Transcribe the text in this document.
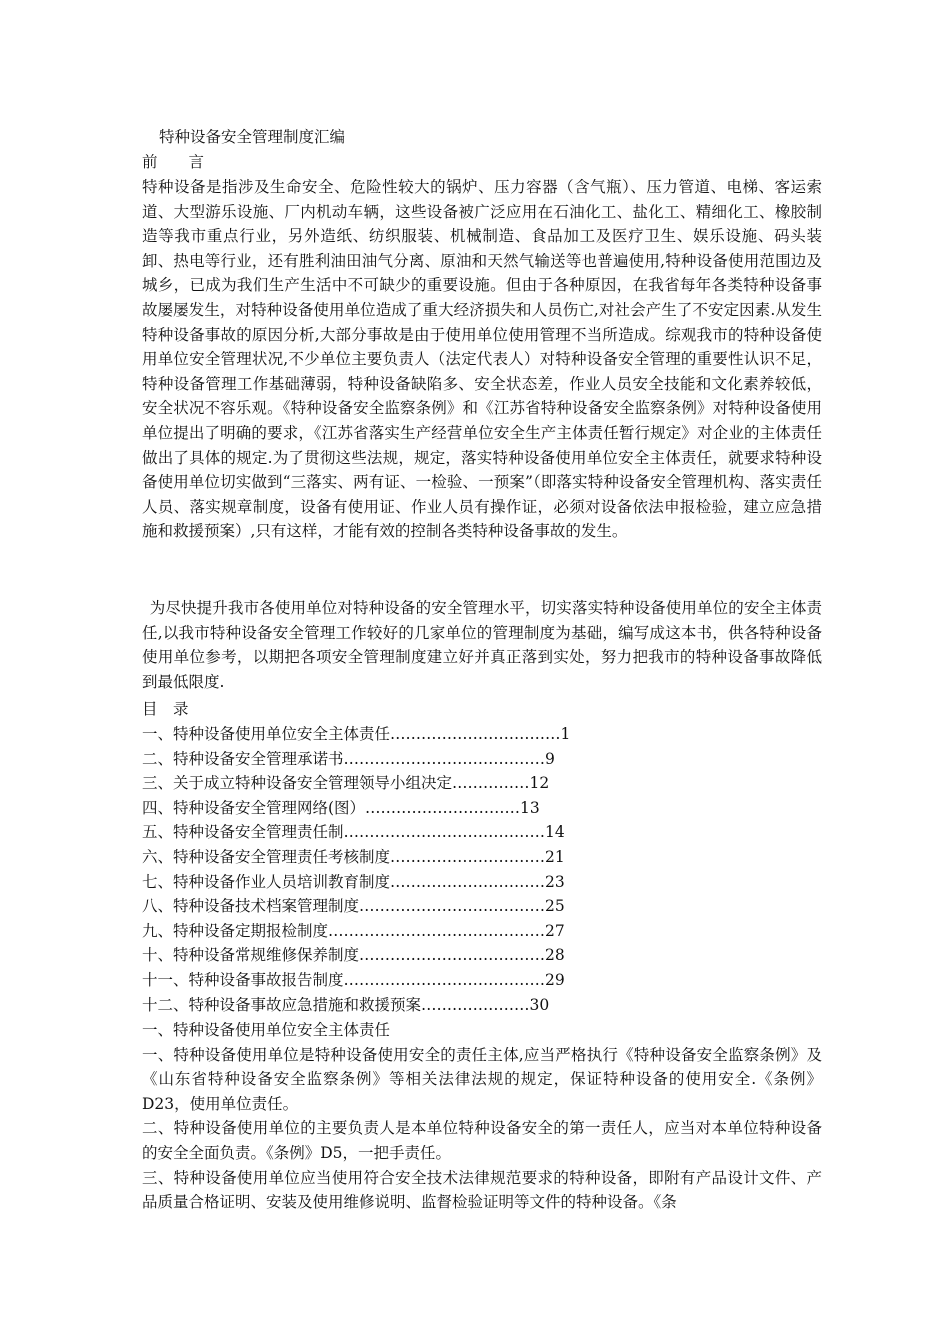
特种设备安全管理制度汇编
前　　言

特种设备是指涉及生命安全、危险性较大的锅炉、压力容器（含气瓶）、压力管道、电梯、客运索道、大型游乐设施、厂内机动车辆，这些设备被广泛应用在石油化工、盐化工、精细化工、橡胶制造等我市重点行业，另外造纸、纺织服装、机械制造、食品加工及医疗卫生、娱乐设施、码头装卸、热电等行业，还有胜利油田油气分离、原油和天然气输送等也普遍使用,特种设备使用范围边及城乡，已成为我们生产生活中不可缺少的重要设施。但由于各种原因，在我省每年各类特种设备事故屡屡发生，对特种设备使用单位造成了重大经济损失和人员伤亡,对社会产生了不安定因素.从发生特种设备事故的原因分析,大部分事故是由于使用单位使用管理不当所造成。综观我市的特种设备使用单位安全管理状况,不少单位主要负责人（法定代表人）对特种设备安全管理的重要性认识不足，特种设备管理工作基础薄弱，特种设备缺陷多、安全状态差，作业人员安全技能和文化素养较低，安全状况不容乐观。《特种设备安全监察条例》和《江苏省特种设备安全监察条例》对特种设备使用单位提出了明确的要求，《江苏省落实生产经营单位安全生产主体责任暂行规定》对企业的主体责任做出了具体的规定.为了贯彻这些法规，规定，落实特种设备使用单位安全主体责任，就要求特种设备使用单位切实做到“三落实、两有证、一检验、一预案”（即落实特种设备安全管理机构、落实责任人员、落实规章制度，设备有使用证、作业人员有操作证，必须对设备依法申报检验，建立应急措施和救援预案）,只有这样，才能有效的控制各类特种设备事故的发生。

为尽快提升我市各使用单位对特种设备的安全管理水平，切实落实特种设备使用单位的安全主体责任,以我市特种设备安全管理工作较好的几家单位的管理制度为基础，编写成这本书，供各特种设备使用单位参考，以期把各项安全管理制度建立好并真正落到实处，努力把我市的特种设备事故降低到最低限度.

目　录
一、特种设备使用单位安全主体责任……………………………1
二、特种设备安全管理承诺书…………………………………9
三、关于成立特种设备安全管理领导小组决定……………12
四、特种设备安全管理网络(图）…………………………13
五、特种设备安全管理责任制…………………………………14
六、特种设备安全管理责任考核制度…………………………21
七、特种设备作业人员培训教育制度…………………………23
八、特种设备技术档案管理制度………………………………25
九、特种设备定期报检制度……………………………………27
十、特种设备常规维修保养制度………………………………28
十一、特种设备事故报告制度…………………………………29
十二、特种设备事故应急措施和救援预案…………………30

一、特种设备使用单位安全主体责任

一、特种设备使用单位是特种设备使用安全的责任主体,应当严格执行《特种设备安全监察条例》及《山东省特种设备安全监察条例》等相关法律法规的规定，保证特种设备的使用安全.《条例》D23，使用单位责任。

二、特种设备使用单位的主要负责人是本单位特种设备安全的第一责任人，应当对本单位特种设备的安全全面负责。《条例》D5，一把手责任。

三、特种设备使用单位应当使用符合安全技术法律规范要求的特种设备，即附有产品设计文件、产品质量合格证明、安装及使用维修说明、监督检验证明等文件的特种设备。《条
